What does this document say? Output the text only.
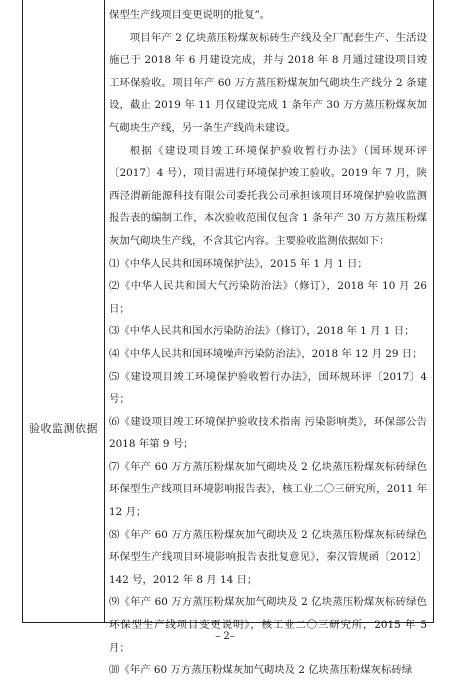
验收监测依据

保型生产线项目变更说明的批复”。

项目年产 2 亿块蒸压粉煤灰标砖生产线及全厂配套生产、生活设施已于 2018 年 6 月建设完成，并与 2018 年 8 月通过建设项目竣工环保验收。项目年产 60 万方蒸压粉煤灰加气砌块生产线分 2 条建设，截止 2019 年 11 月仅建设完成 1 条年产 30 万方蒸压粉煤灰加气砌块生产线，另一条生产线尚未建设。

根据《建设项目竣工环境保护验收暂行办法》（国环规环评〔2017〕4 号），项目需进行环境保护竣工验收。2019 年 7 月，陕西泾渭新能源科技有限公司委托我公司承担该项目环境保护验收监测报告表的编制工作，本次验收范围仅包含 1 条年产 30 万方蒸压粉煤灰加气砌块生产线，不含其它内容。主要验收监测依据如下：

⑴《中华人民共和国环境保护法》，2015 年 1 月 1 日；

⑵《中华人民共和国大气污染防治法》（修订），2018 年 10 月 26 日；

⑶《中华人民共和国水污染防治法》（修订），2018 年 1 月 1 日；

⑷《中华人民共和国环境噪声污染防治法》，2018 年 12 月 29 日；

⑸《建设项目竣工环境保护验收暂行办法》，国环规环评〔2017〕4 号；

⑹《建设项目竣工环境保护验收技术指南 污染影响类》，环保部公告 2018 年第 9 号；

⑺《年产 60 万方蒸压粉煤灰加气砌块及 2 亿块蒸压粉煤灰标砖绿色环保型生产线项目环境影响报告表》，核工业二〇三研究所，2011 年 12 月；

⑻《年产 60 万方蒸压粉煤灰加气砌块及 2 亿块蒸压粉煤灰标砖绿色环保型生产线项目环境影响报告表批复意见》，秦汉管规函〔2012〕142 号，2012 年 8 月 14 日；

⑼《年产 60 万方蒸压粉煤灰加气砌块及 2 亿块蒸压粉煤灰标砖绿色环保型生产线项目变更说明》，核工业二〇三研究所，2015 年 5 月；

⑽《年产 60 万方蒸压粉煤灰加气砌块及 2 亿块蒸压粉煤灰标砖绿

– 2–
